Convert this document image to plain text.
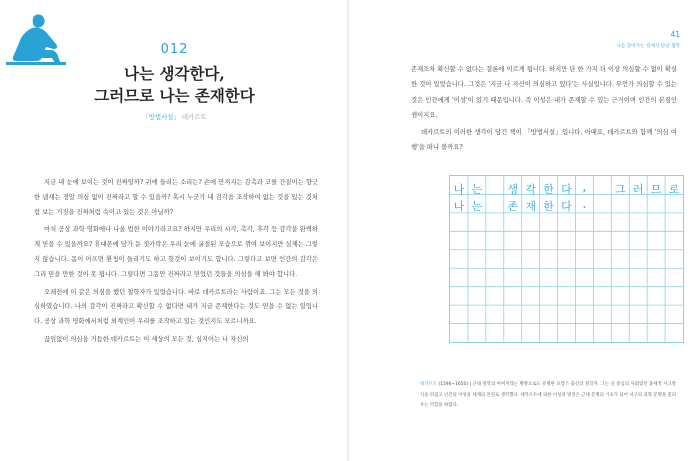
012
나는 생각한다,
그러므로 나는 존재한다
「방법서설」 데카르트

지금 내 눈에 보이는 것이 진짜일까? 귀에 들리는 소리는? 손에 만져지는 감촉과 코를 간질이는 향긋한 냄새는 정말 의심 없이 진짜라고 할 수 있을까? 혹시 누군가 내 감각을 조작하여 없는 것을 있는 것처럼 보는 거짓을 진짜처럼 속이고 있는 것은 아닐까?

마치 공상 과학 영화에나 나올 법한 이야기라고요? 하지만 우리의 시각, 촉각, 후각 등 감각을 완벽하게 믿을 수 있을까요? 휴대폰에 담가 둔 젓가락은 우리 눈에 굴절된 모습으로 꺾여 보이지만 실제는 그렇지 않습니다. 몸이 아프면 환청이 들리기도 하고 헛것이 보이기도 합니다. 그렇다고 보면 인간의 감각은 그리 믿을 만한 것이 못 됩니다. 그렇다면 그동안 진짜라고 믿었던 것들을 의심을 해 봐야 합니다.

오래전에 이 같은 의심을 했던 철학자가 있었습니다. 바로 데카르트라는 사람이죠. 그는 모든 것을 의심하였습니다. 나의 감각이 진짜라고 확신할 수 없다면 내가 지금 존재한다는 것도 믿을 수 없는 일입니다. 공상 과학 영화에서처럼 외계인이 우리를 조작하고 있는 것인지도 모르니까요.

끊임없이 의심을 거듭한 데카르트는 이 세상의 모든 것, 심지어는 나 자신의

41
나를 찾아가는 길에서 만난 철학

존재조차 확신할 수 없다는 결론에 이르게 됩니다. 하지만 단 한 가지 더 이상 의심할 수 없이 확실한 것이 있었습니다. 그것은 '지금 나 자신이 의심하고 있다'는 사실입니다. 무언가 의심할 수 있는 것은 인간에게 '이성'이 있기 때문입니다. 즉 이성은 내가 존재할 수 있는 근거이며 인간의 본질인 셈이지요.

데카르트의 이러한 생각이 담긴 책이 「방법서설」입니다. 어때요, 데카르트와 함께 '의심 여행'을 떠나 볼까요?

나 는	생 각 한 다 ,	그 러 므 로
나 는	존 재 한 다 .
데카르트 (1596~1650) | 근대 철학의 아버지라는 별명으로도 유명한 프랑스 출신의 철학자. 그는 신 중심의 사회였던 중세적 사고방식을 뒤집고 인간의 이성을 세계의 본질로 생각했다. 데카르트에 의한 이성의 발견은 근대 문명의 기초가 되어 서구의 과학 문명을 꽃피우는 역할을 하였다.
